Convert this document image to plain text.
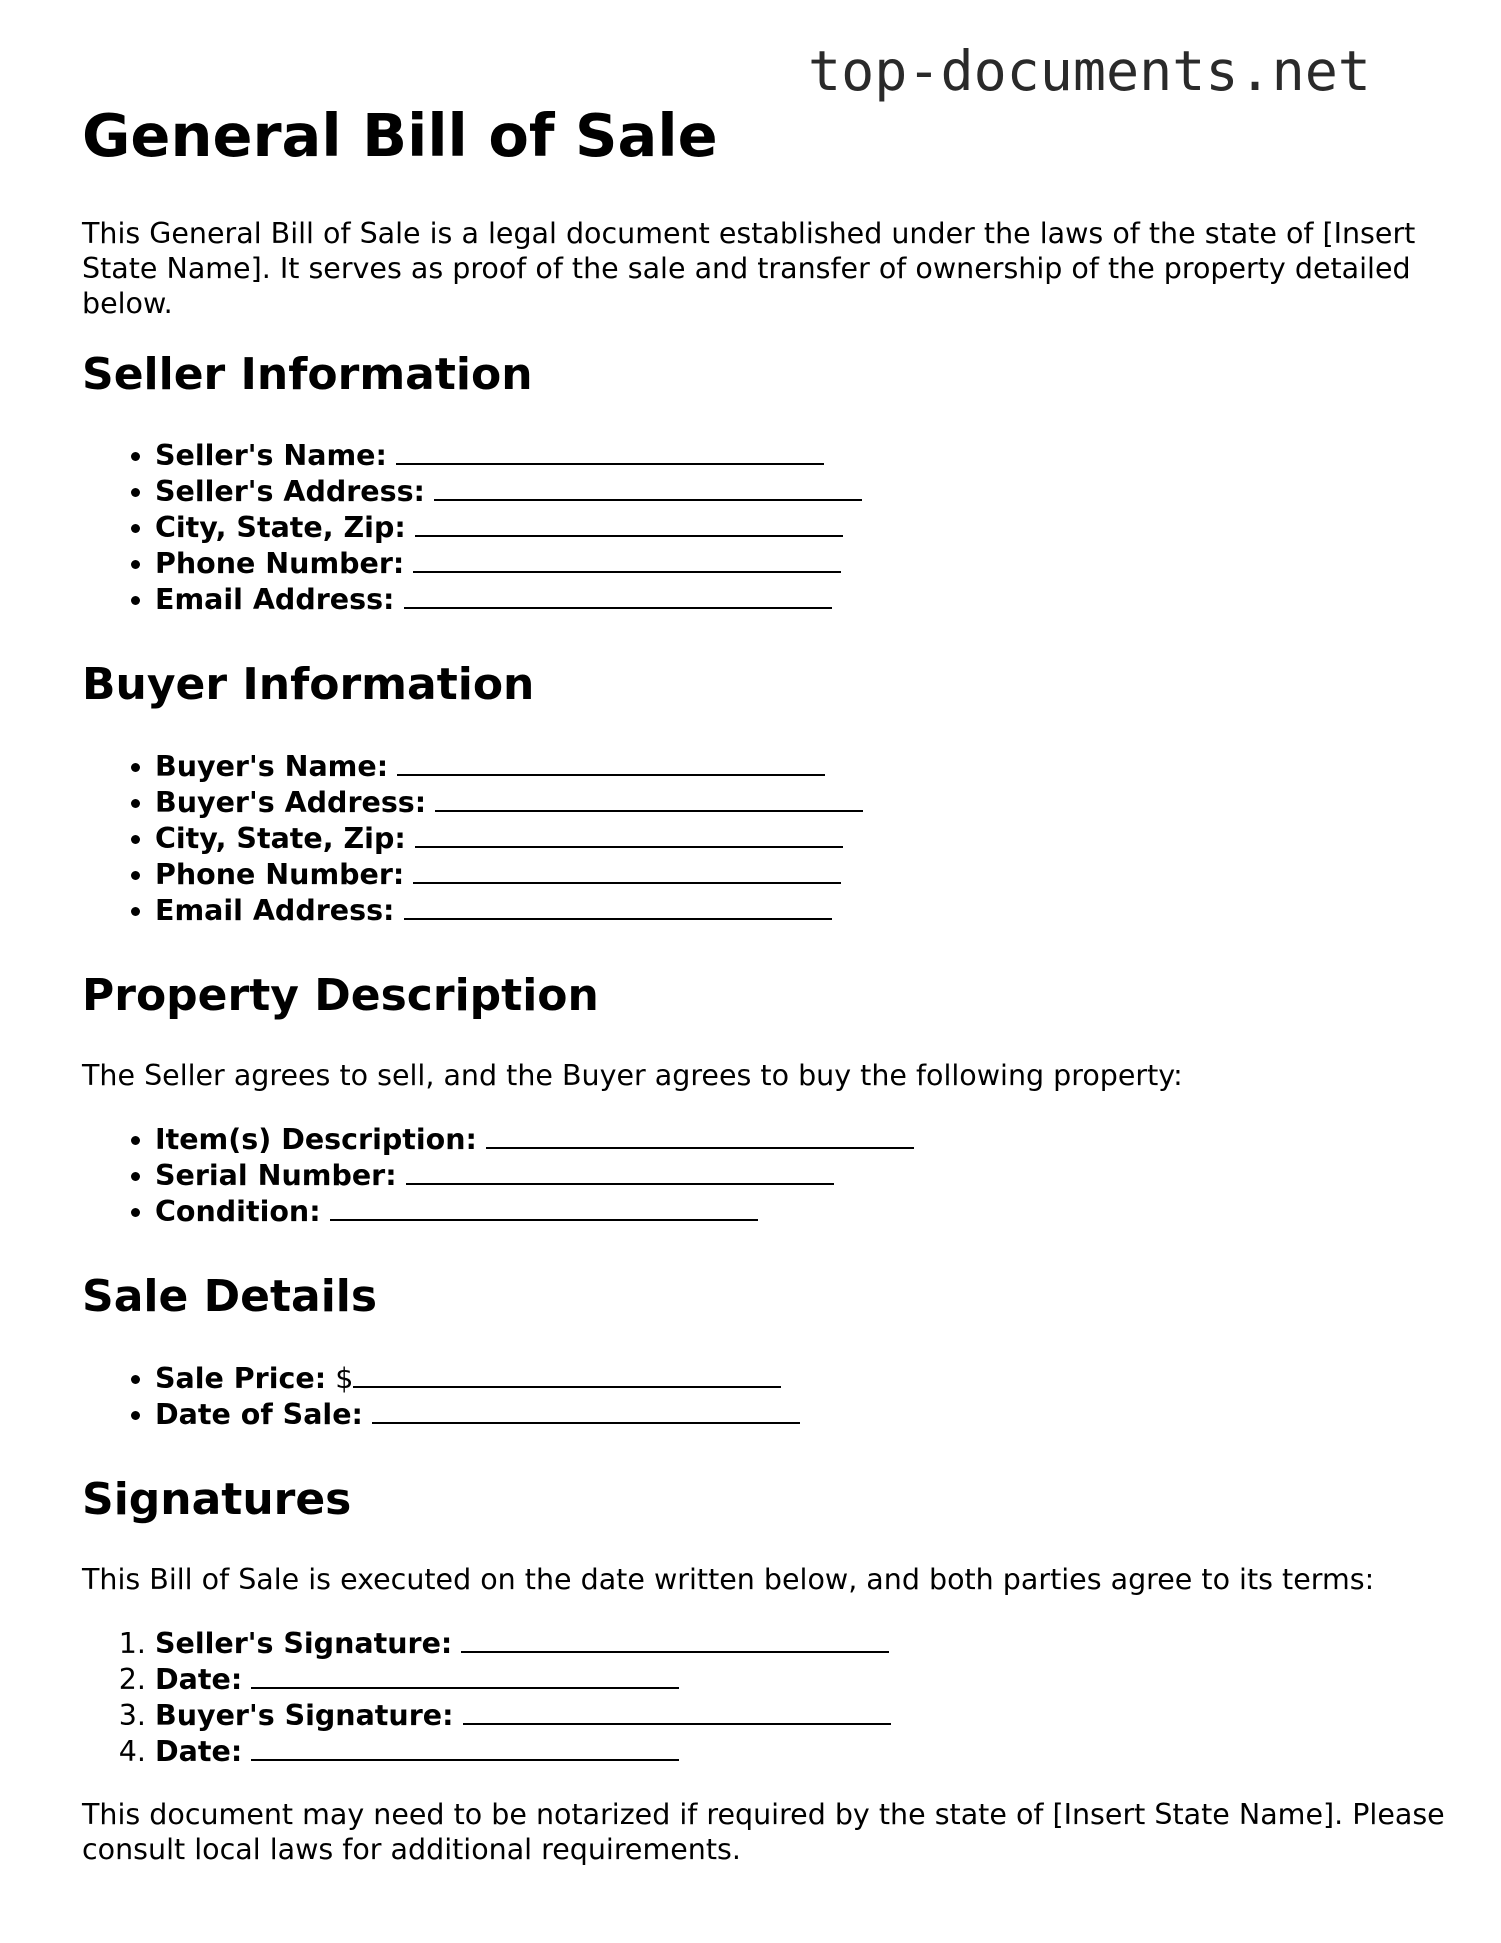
top-documents.net
General Bill of Sale

This General Bill of Sale is a legal document established under the laws of the state of [Insert State Name]. It serves as proof of the sale and transfer of ownership of the property detailed below.

Seller Information
• Seller's Name:
• Seller's Address:
• City, State, Zip:
• Phone Number:
• Email Address:
Buyer Information
• Buyer's Name:
• Buyer's Address:
• City, State, Zip:
• Phone Number:
• Email Address:
Property Description

The Seller agrees to sell, and the Buyer agrees to buy the following property:

• Item(s) Description:
• Serial Number:
• Condition:
Sale Details
• Sale Price: $
• Date of Sale:
Signatures

This Bill of Sale is executed on the date written below, and both parties agree to its terms:

1. Seller's Signature:
2. Date:
3. Buyer's Signature:
4. Date:

This document may need to be notarized if required by the state of [Insert State Name]. Please consult local laws for additional requirements.
